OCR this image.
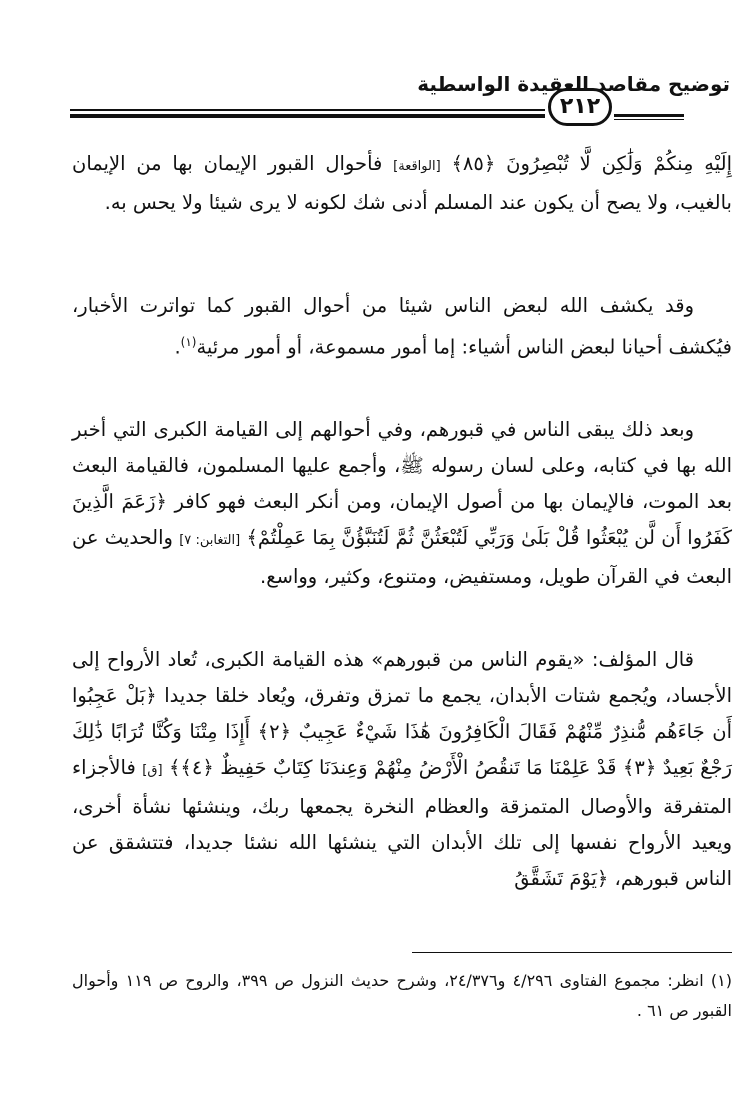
توضيح مقاصد العقيدة الواسطية
٢١٢
إِلَيْهِ مِنكُمْ وَلَٰكِن لَّا تُبْصِرُونَ ﴿٨٥﴾ [الواقعة] فأحوال القبور الإيمان بها من الإيمان بالغيب، ولا يصح أن يكون عند المسلم أدنى شك لكونه لا يرى شيئا ولا يحس به.
وقد يكشف الله لبعض الناس شيئا من أحوال القبور كما تواترت الأخبار، فيُكشف أحيانا لبعض الناس أشياء: إما أمور مسموعة، أو أمور مرئية$^{(١)}$.
وبعد ذلك يبقى الناس في قبورهم، وفي أحوالهم إلى القيامة الكبرى التي أخبر الله بها في كتابه، وعلى لسان رسوله ﷺ، وأجمع عليها المسلمون، فالقيامة البعث بعد الموت، فالإيمان بها من أصول الإيمان، ومن أنكر البعث فهو كافر ﴿زَعَمَ الَّذِينَ كَفَرُوا أَن لَّن يُبْعَثُوا قُلْ بَلَىٰ وَرَبِّي لَتُبْعَثُنَّ ثُمَّ لَتُنَبَّؤُنَّ بِمَا عَمِلْتُمْ﴾ [التغابن: ٧] والحديث عن البعث في القرآن طويل، ومستفيض، ومتنوع، وكثير، وواسع.
قال المؤلف: «يقوم الناس من قبورهم» هذه القيامة الكبرى، تُعاد الأرواح إلى الأجساد، ويُجمع شتات الأبدان، يجمع ما تمزق وتفرق، ويُعاد خلقا جديدا ﴿بَلْ عَجِبُوا أَن جَاءَهُم مُّنذِرٌ مِّنْهُمْ فَقَالَ الْكَافِرُونَ هَٰذَا شَيْءٌ عَجِيبٌ ﴿٢﴾ أَإِذَا مِتْنَا وَكُنَّا تُرَابًا ذَٰلِكَ رَجْعٌ بَعِيدٌ ﴿٣﴾ قَدْ عَلِمْنَا مَا تَنقُصُ الْأَرْضُ مِنْهُمْ وَعِندَنَا كِتَابٌ حَفِيظٌ ﴿٤﴾﴾ [ق] فالأجزاء المتفرقة والأوصال المتمزقة والعظام النخرة يجمعها ربك، وينشئها نشأة أخرى، ويعيد الأرواح نفسها إلى تلك الأبدان التي ينشئها الله نشئا جديدا، فتتشقق عن الناس قبورهم، ﴿يَوْمَ تَشَقَّقُ
(١) انظر: مجموع الفتاوى ٤/٢٩٦ و٢٤/٣٧٦، وشرح حديث النزول ص ٣٩٩، والروح ص ١١٩ وأحوال القبور ص ٦١ .
